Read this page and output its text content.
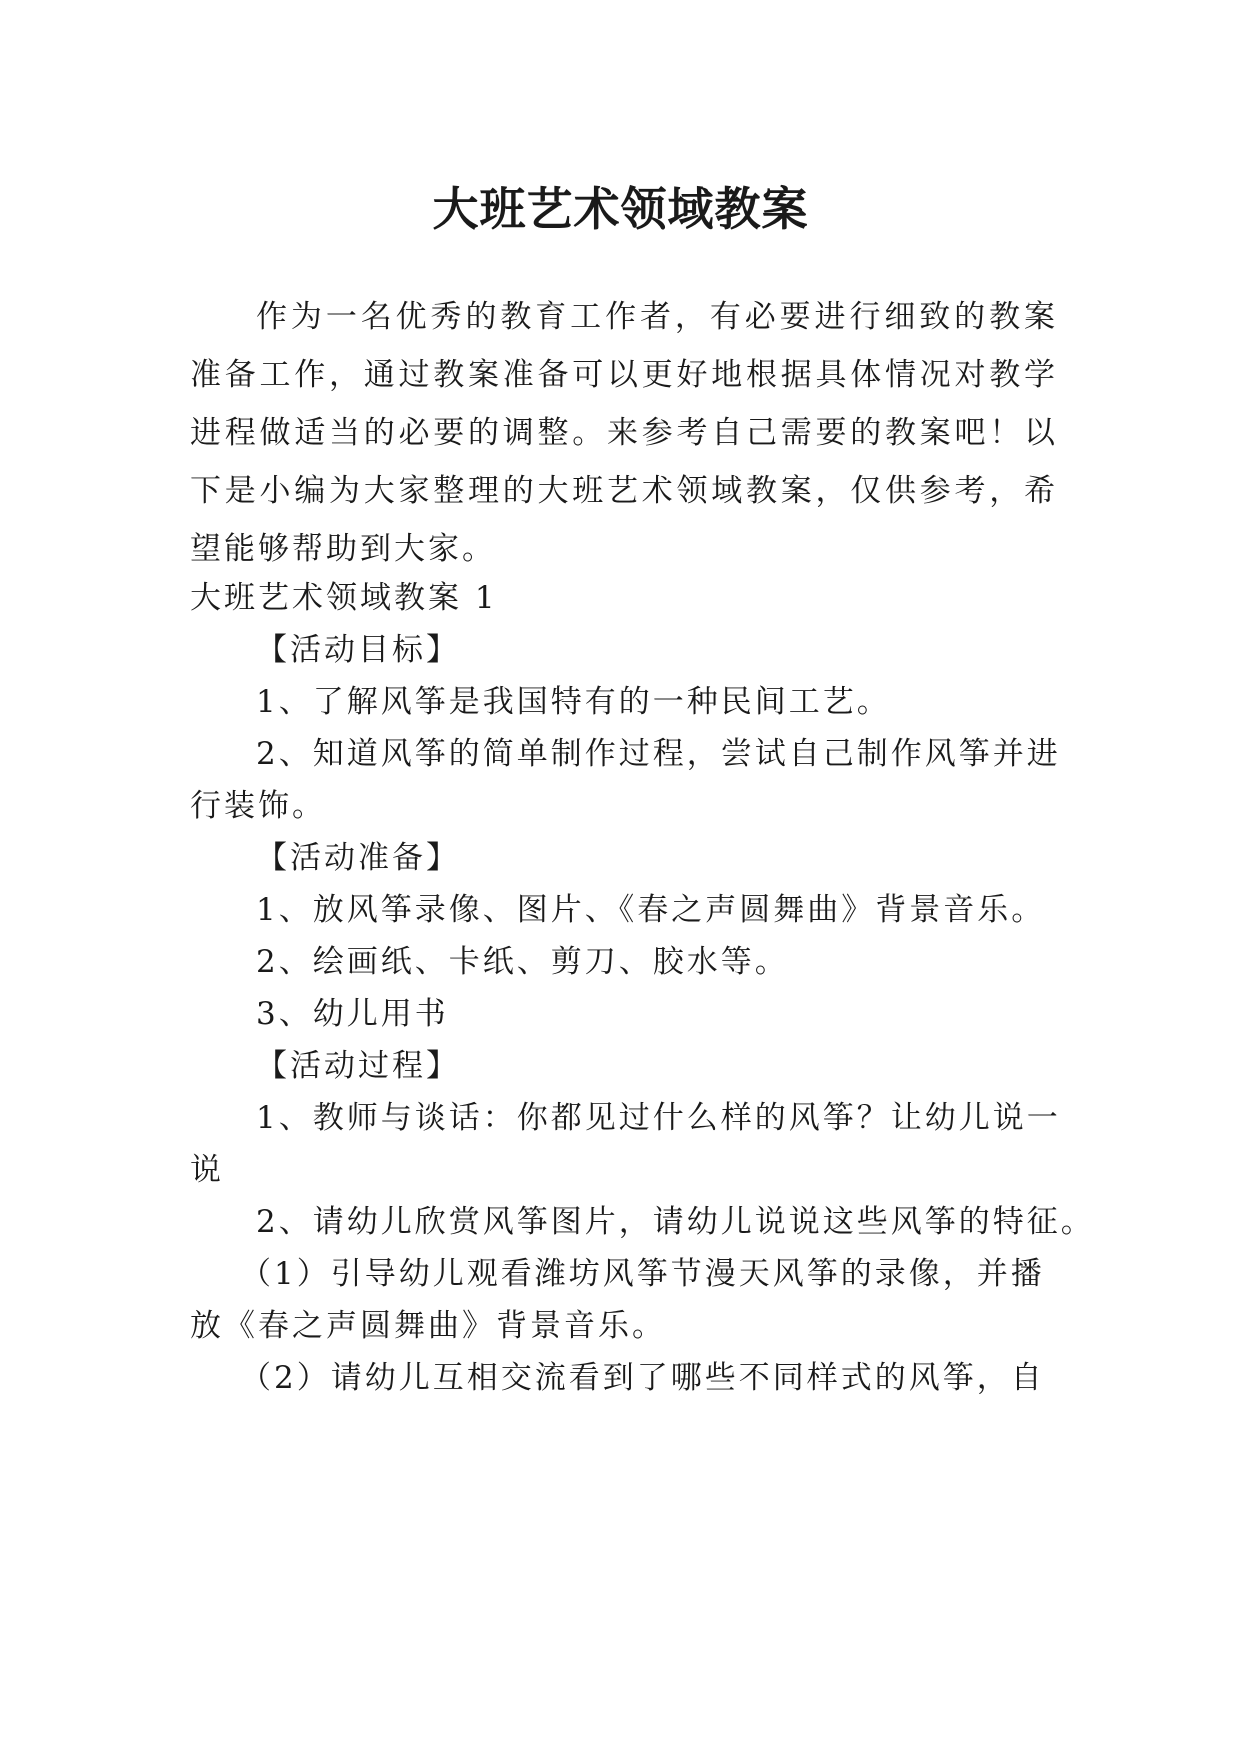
大班艺术领域教案

作为一名优秀的教育工作者，有必要进行细致的教案准备工作，通过教案准备可以更好地根据具体情况对教学进程做适当的必要的调整。来参考自己需要的教案吧！以下是小编为大家整理的大班艺术领域教案，仅供参考，希望能够帮助到大家。

大班艺术领域教案 1

【活动目标】

1、了解风筝是我国特有的一种民间工艺。

2、知道风筝的简单制作过程，尝试自己制作风筝并进

行装饰。

【活动准备】

1、放风筝录像、图片、《春之声圆舞曲》背景音乐。

2、绘画纸、卡纸、剪刀、胶水等。

3、幼儿用书

【活动过程】

1、教师与谈话：你都见过什么样的风筝？让幼儿说一

说

2、请幼儿欣赏风筝图片，请幼儿说说这些风筝的特征。

（1）引导幼儿观看潍坊风筝节漫天风筝的录像，并播

放《春之声圆舞曲》背景音乐。

（2）请幼儿互相交流看到了哪些不同样式的风筝，自
